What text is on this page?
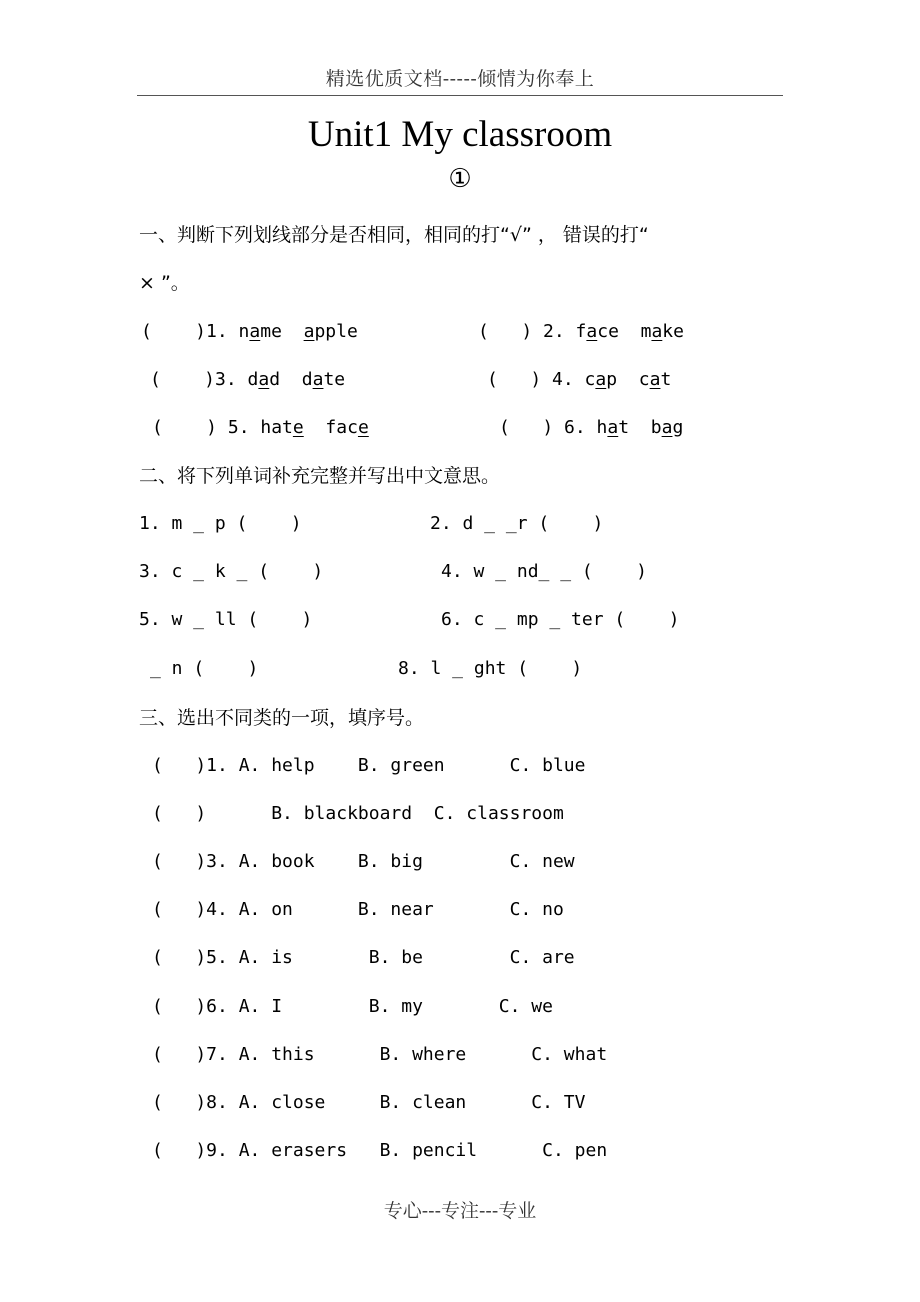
精选优质文档-----倾情为你奉上
Unit1 My classroom
①
一、判断下列划线部分是否相同，相同的打“√” ， 错误的打“
× ”。
(    )1. name apple	(   ) 2. face make
(    )3. dad date	(   ) 4. cap cat
(    ) 5. hate face	(   ) 6. hat bag
二、将下列单词补充完整并写出中文意思。
1. m _ p (    )	2. d _ _r (    )
3. c _ k _ (    )	4. w _ nd_ _ (    )
5. w _ ll (    )	6. c _ mp _ ter (    )
_ n (    )	8. l _ ght (    )
三、选出不同类的一项，填序号。
(   )1. A. help    B. green      C. blue
(   )      B. blackboard  C. classroom
(   )3. A. book    B. big        C. new
(   )4. A. on      B. near       C. no
(   )5. A. is       B. be        C. are
(   )6. A. I        B. my       C. we
(   )7. A. this      B. where      C. what
(   )8. A. close     B. clean      C. TV
(   )9. A. erasers   B. pencil      C. pen
专心---专注---专业
